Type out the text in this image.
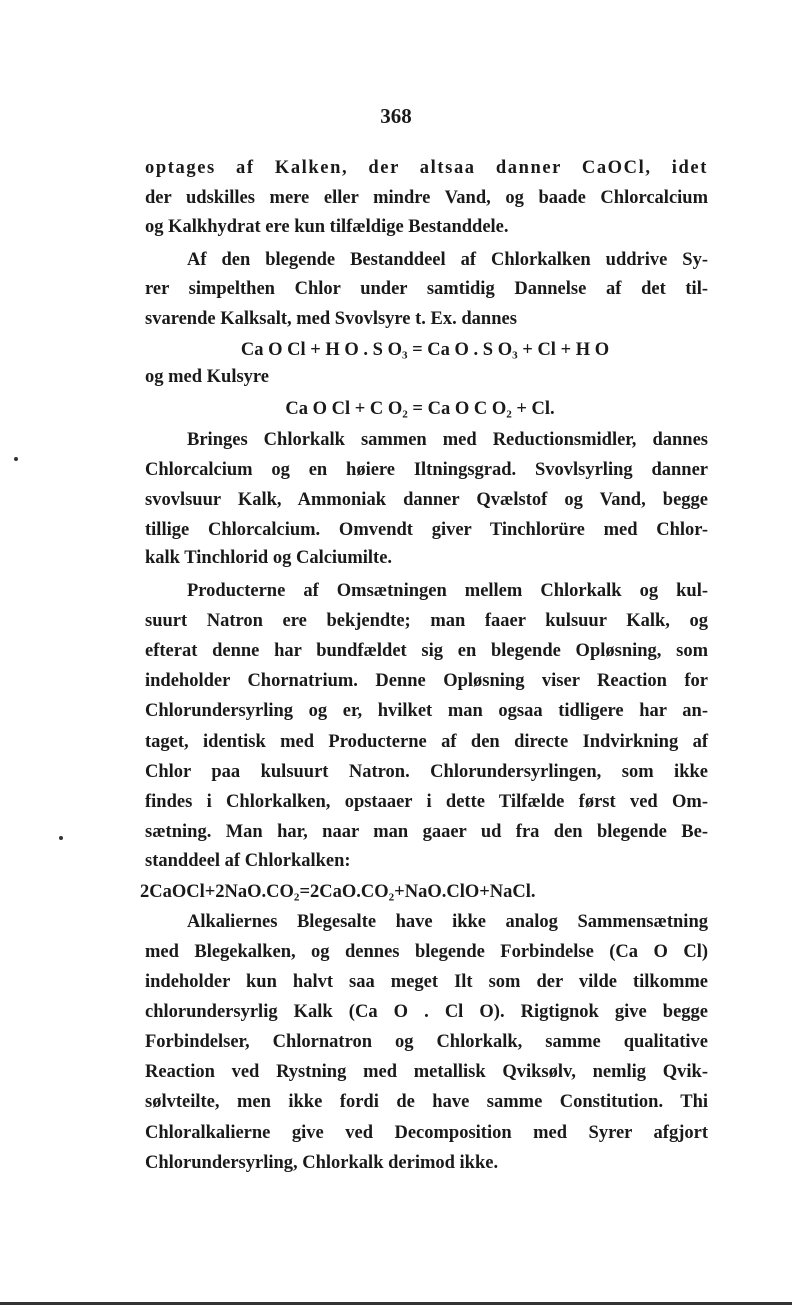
368
optages af Kalken, der altsaa danner CaOCl, idet
der udskilles mere eller mindre Vand, og baade Chlorcalcium
og Kalkhydrat ere kun tilfældige Bestanddele.
Af den blegende Bestanddeel af Chlorkalken uddrive Sy-
rer simpelthen Chlor under samtidig Dannelse af det til-
svarende Kalksalt, med Svovlsyre t. Ex. dannes
Ca O Cl + H O . S O₃ = Ca O . S O₃ + Cl + H O
og med Kulsyre
Ca O Cl + C O₂ = Ca O C O₂ + Cl.
Bringes Chlorkalk sammen med Reductionsmidler, dannes
Chlorcalcium og en høiere Iltningsgrad. Svovlsyrling danner
svovlsuur Kalk, Ammoniak danner Qvælstof og Vand, begge
tillige Chlorcalcium. Omvendt giver Tinchlorüre med Chlor-
kalk Tinchlorid og Calciumilte.
Producterne af Omsætningen mellem Chlorkalk og kul-
suurt Natron ere bekjendte; man faaer kulsuur Kalk, og
efterat denne har bundfældet sig en blegende Opløsning, som
indeholder Chornatrium. Denne Opløsning viser Reaction for
Chlorundersyrling og er, hvilket man ogsaa tidligere har an-
taget, identisk med Producterne af den directe Indvirkning af
Chlor paa kulsuurt Natron. Chlorundersyrlingen, som ikke
findes i Chlorkalken, opstaaer i dette Tilfælde først ved Om-
sætning. Man har, naar man gaaer ud fra den blegende Be-
standdeel af Chlorkalken:
2CaOCl+2NaO.CO₂=2CaO.CO₂+NaO.ClO+NaCl.
Alkaliernes Blegesalte have ikke analog Sammensætning
med Blegekalken, og dennes blegende Forbindelse (Ca O Cl)
indeholder kun halvt saa meget Ilt som der vilde tilkomme
chlorundersyrlig Kalk (Ca O . Cl O). Rigtignok give begge
Forbindelser, Chlornatron og Chlorkalk, samme qualitative
Reaction ved Rystning med metallisk Qviksølv, nemlig Qvik-
sølvteilte, men ikke fordi de have samme Constitution. Thi
Chloralkalierne give ved Decomposition med Syrer afgjort
Chlorundersyrling, Chlorkalk derimod ikke.
